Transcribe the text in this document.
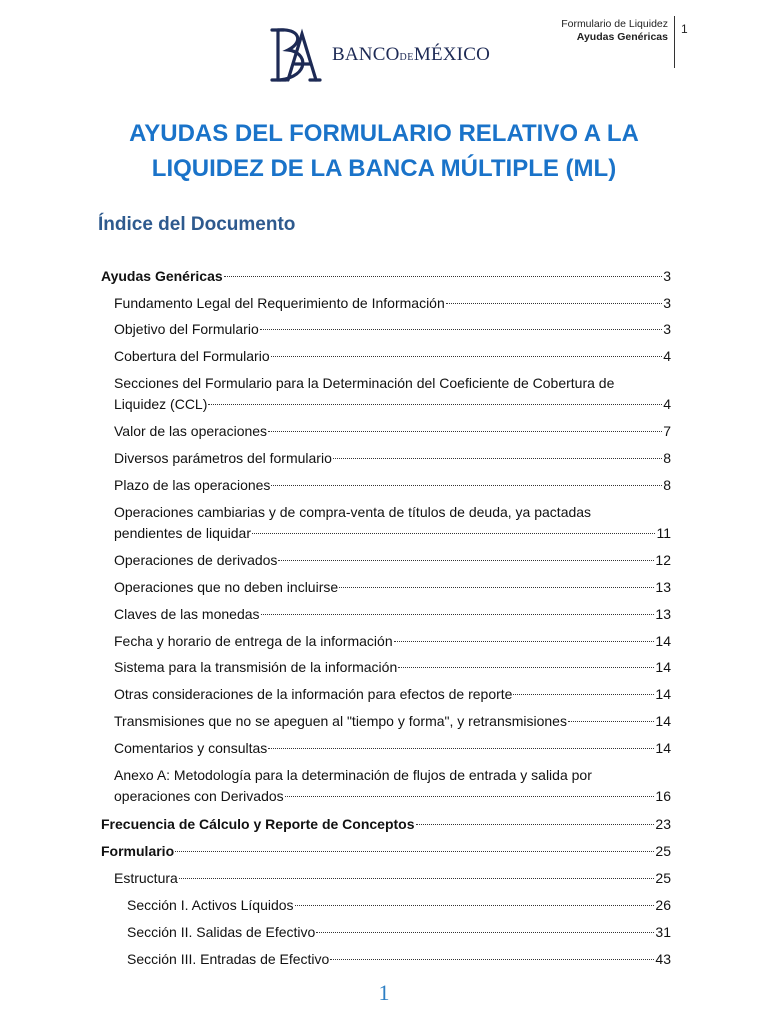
BANCODEMÉXICO
Formulario de Liquidez
Ayudas Genéricas
1
AYUDAS DEL FORMULARIO RELATIVO A LA
LIQUIDEZ DE LA BANCA MÚLTIPLE (ML)
Índice del Documento
Ayudas Genéricas	3
Fundamento Legal del Requerimiento de Información	3
Objetivo del Formulario	3
Cobertura del Formulario	4
Secciones del Formulario para la Determinación del Coeficiente de Cobertura de
Liquidez (CCL)	4
Valor de las operaciones	7
Diversos parámetros del formulario	8
Plazo de las operaciones	8
Operaciones cambiarias y de compra-venta de títulos de deuda, ya pactadas
pendientes de liquidar	11
Operaciones de derivados	12
Operaciones que no deben incluirse	13
Claves de las monedas	13
Fecha y horario de entrega de la información	14
Sistema para la transmisión de la información	14
Otras consideraciones de la información para efectos de reporte	14
Transmisiones que no se apeguen al "tiempo y forma", y retransmisiones	14
Comentarios y consultas	14
Anexo A: Metodología para la determinación de flujos de entrada y salida por
operaciones con Derivados	16
Frecuencia de Cálculo y Reporte de Conceptos	23
Formulario	25
Estructura	25
Sección I. Activos Líquidos	26
Sección II. Salidas de Efectivo	31
Sección III. Entradas de Efectivo	43
1
